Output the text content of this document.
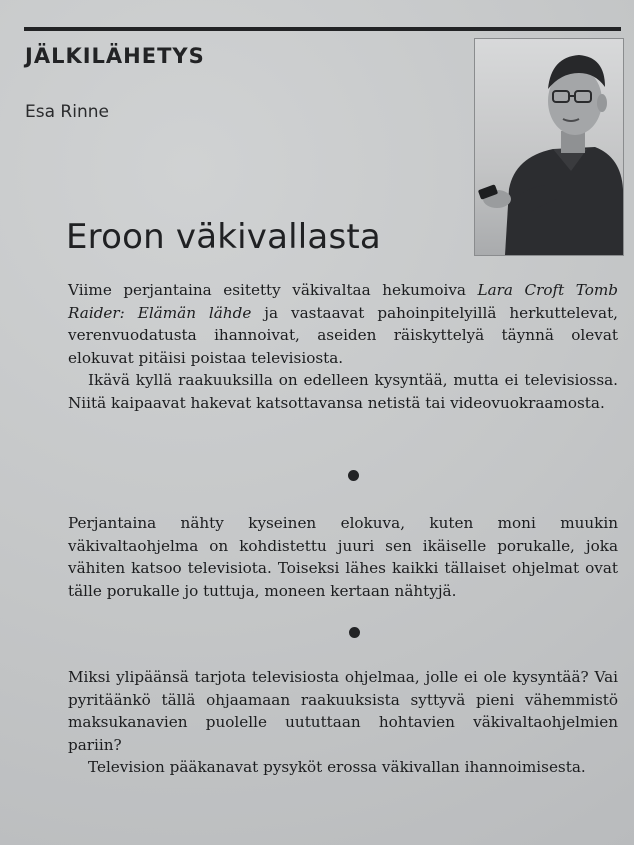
JÄLKILÄHETYS
Esa Rinne
Eroon väkivallasta

Viime perjantaina esitetty väkivaltaa hekumoiva Lara Croft Tomb Raider: Elämän lähde ja vastaavat pahoinpitelyillä herkuttelevat, verenvuodatusta ihannoivat, aseiden räiskyttelyä täynnä olevat elokuvat pitäisi poistaa televisiosta.

Ikävä kyllä raakuuksilla on edelleen kysyntää, mutta ei televisiossa. Niitä kaipaavat hakevat katsottavansa netistä tai videovuokraamosta.

Perjantaina nähty kyseinen elokuva, kuten moni muukin väkivaltaohjelma on kohdistettu juuri sen ikäiselle porukalle, joka vähiten katsoo televisiota. Toiseksi lähes kaikki tällaiset ohjelmat ovat tälle porukalle jo tuttuja, moneen kertaan nähtyjä.

Miksi ylipäänsä tarjota televisiosta ohjelmaa, jolle ei ole kysyntää? Vai pyritäänkö tällä ohjaamaan raakuuksista syttyvä pieni vähemmistö maksukanavien puolelle uututtaan hohtavien väkivaltaohjelmien pariin?

Television pääkanavat pysyköt erossa väkivallan ihannoimisesta.
